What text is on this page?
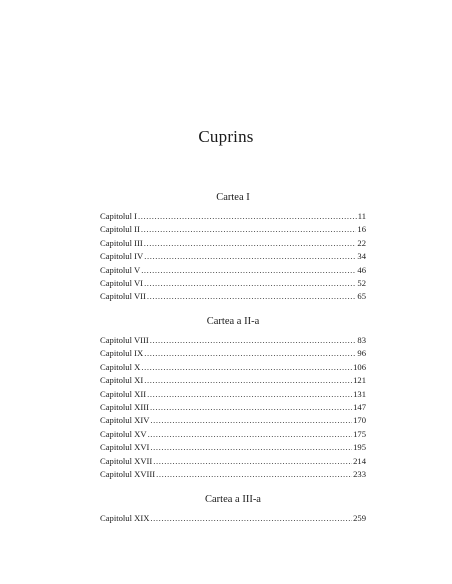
Cuprins
Cartea I
Capitolul I .....	11
Capitolul II .....	16
Capitolul III .....	22
Capitolul IV .....	34
Capitolul V .....	46
Capitolul VI .....	52
Capitolul VII .....	65
Cartea a II-a
Capitolul VIII .....	83
Capitolul IX .....	96
Capitolul X .....	106
Capitolul XI .....	121
Capitolul XII .....	131
Capitolul XIII .....	147
Capitolul XIV .....	170
Capitolul XV .....	175
Capitolul XVI .....	195
Capitolul XVII .....	214
Capitolul XVIII .....	233
Cartea a III-a
Capitolul XIX .....	259
